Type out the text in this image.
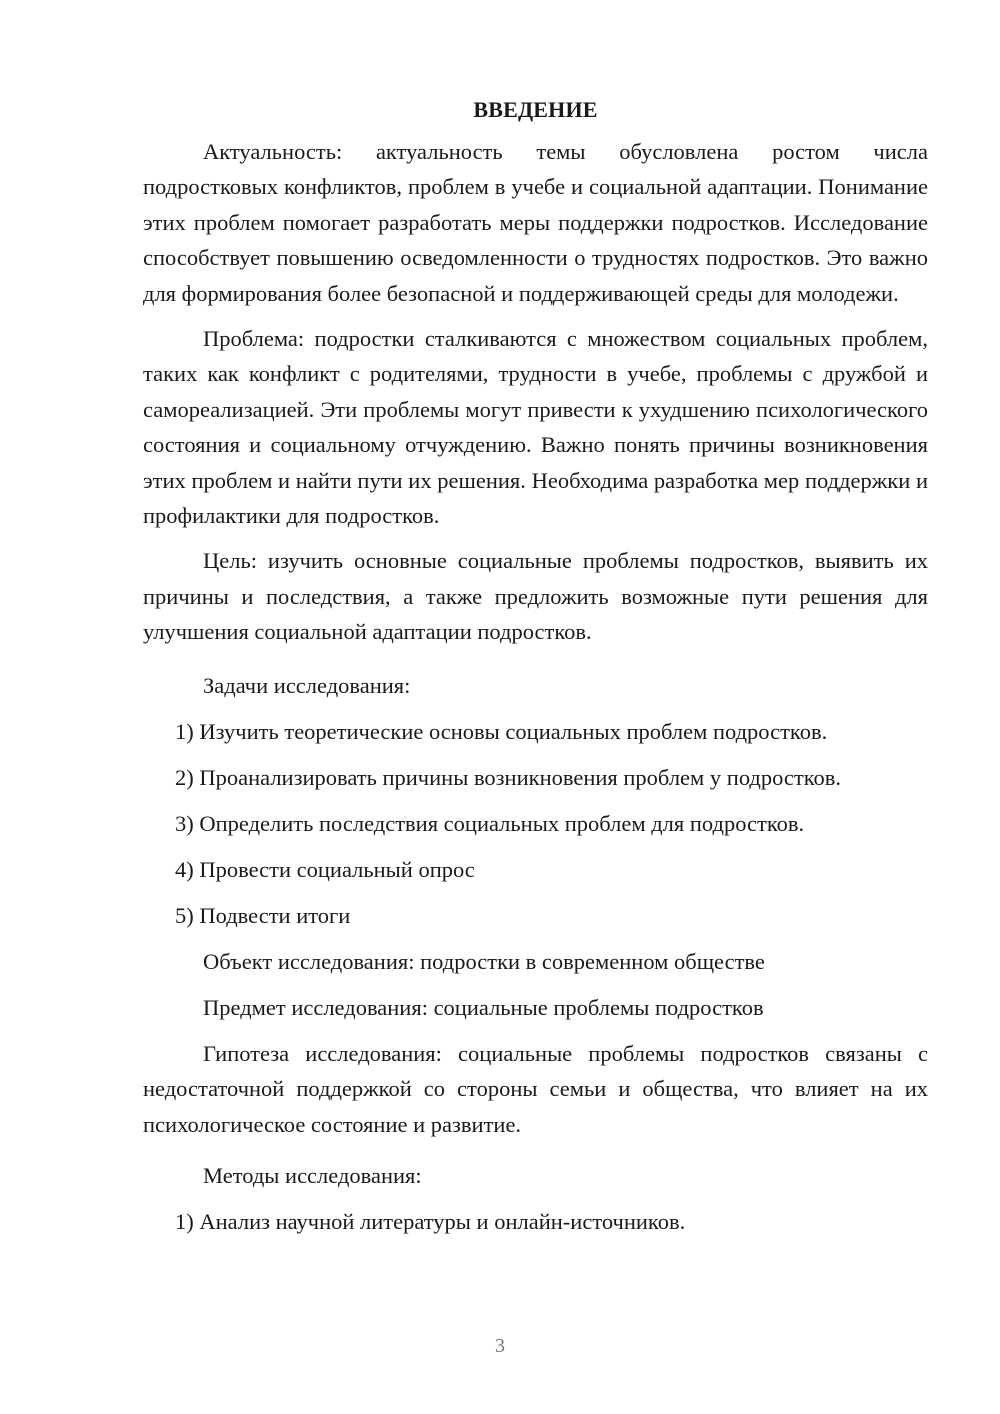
ВВЕДЕНИЕ

Актуальность: актуальность темы обусловлена ростом числа подростковых конфликтов, проблем в учебе и социальной адаптации. Понимание этих проблем помогает разработать меры поддержки подростков. Исследование способствует повышению осведомленности о трудностях подростков. Это важно для формирования более безопасной и поддерживающей среды для молодежи.

Проблема: подростки сталкиваются с множеством социальных проблем, таких как конфликт с родителями, трудности в учебе, проблемы с дружбой и самореализацией. Эти проблемы могут привести к ухудшению психологического состояния и социальному отчуждению. Важно понять причины возникновения этих проблем и найти пути их решения. Необходима разработка мер поддержки и профилактики для подростков.

Цель: изучить основные социальные проблемы подростков, выявить их причины и последствия, а также предложить возможные пути решения для улучшения социальной адаптации подростков.

Задачи исследования:

1) Изучить теоретические основы социальных проблем подростков.

2) Проанализировать причины возникновения проблем у подростков.

3) Определить последствия социальных проблем для подростков.

4) Провести социальный опрос

5) Подвести итоги

Объект исследования: подростки в современном обществе

Предмет исследования: социальные проблемы подростков

Гипотеза исследования: социальные проблемы подростков связаны с недостаточной поддержкой со стороны семьи и общества, что влияет на их психологическое состояние и развитие.

Методы исследования:

1) Анализ научной литературы и онлайн-источников.

3
